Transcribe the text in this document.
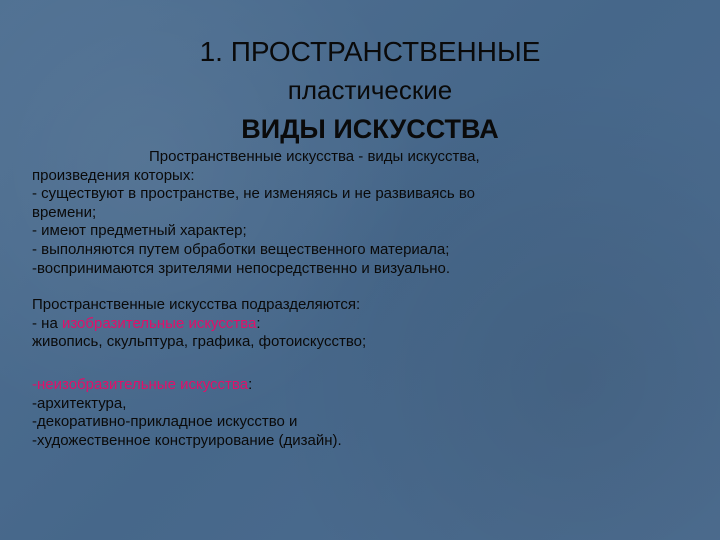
1. ПРОСТРАНСТВЕННЫЕ
пластические
ВИДЫ ИСКУССТВА
Пространственные искусства - виды искусства,
произведения которых:
- существуют в пространстве, не изменяясь и не развиваясь во
времени;
- имеют предметный характер;
- выполняются путем обработки вещественного материала;
-воспринимаются зрителями непосредственно и визуально.
Пространственные искусства подразделяются:
- на изобразительные искусства:
живопись, скульптура, графика, фотоискусство;
-неизобразительные искусства:
-архитектура,
-декоративно-прикладное искусство и
-художественное конструирование (дизайн).
